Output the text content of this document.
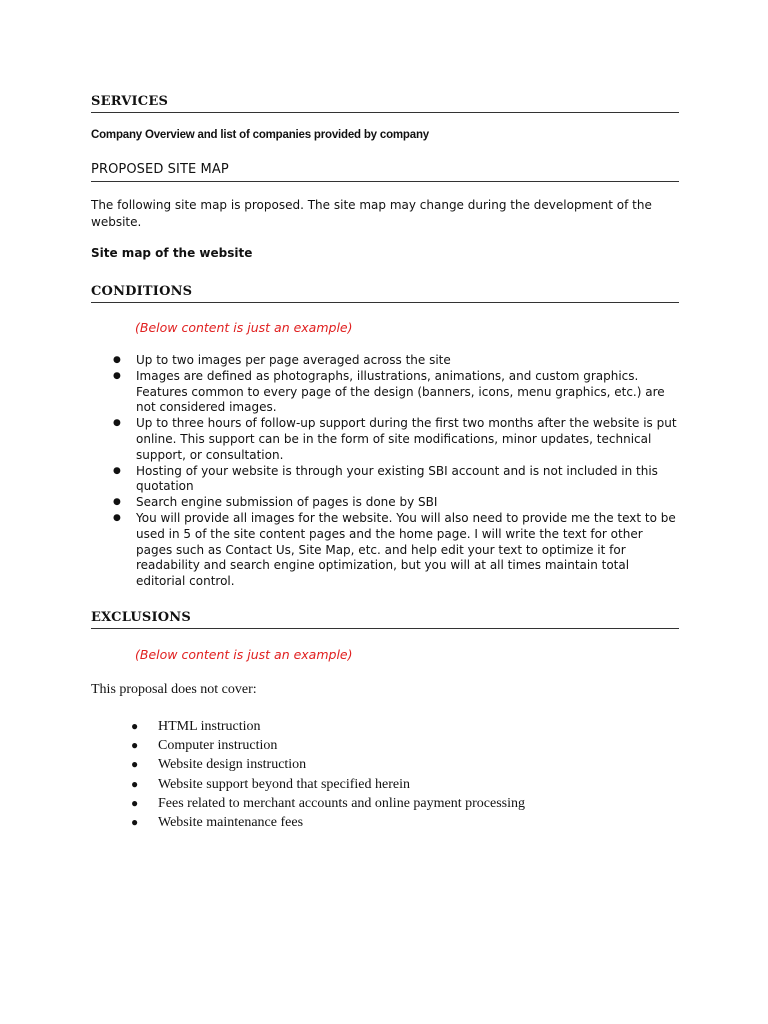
SERVICES
Company Overview and list of companies provided by company
PROPOSED SITE MAP

The following site map is proposed. The site map may change during the development of the website.

Site map of the website
CONDITIONS
(Below content is just an example)
● Up to two images per page averaged across the site
● Images are defined as photographs, illustrations, animations, and custom graphics. Features common to every page of the design (banners, icons, menu graphics, etc.) are not considered images.
● Up to three hours of follow-up support during the first two months after the website is put online. This support can be in the form of site modifications, minor updates, technical support, or consultation.
● Hosting of your website is through your existing SBI account and is not included in this quotation
● Search engine submission of pages is done by SBI
● You will provide all images for the website. You will also need to provide me the text to be used in 5 of the site content pages and the home page. I will write the text for other pages such as Contact Us, Site Map, etc. and help edit your text to optimize it for readability and search engine optimization, but you will at all times maintain total editorial control.
EXCLUSIONS
(Below content is just an example)
This proposal does not cover:
● HTML instruction
● Computer instruction
● Website design instruction
● Website support beyond that specified herein
● Fees related to merchant accounts and online payment processing
● Website maintenance fees
